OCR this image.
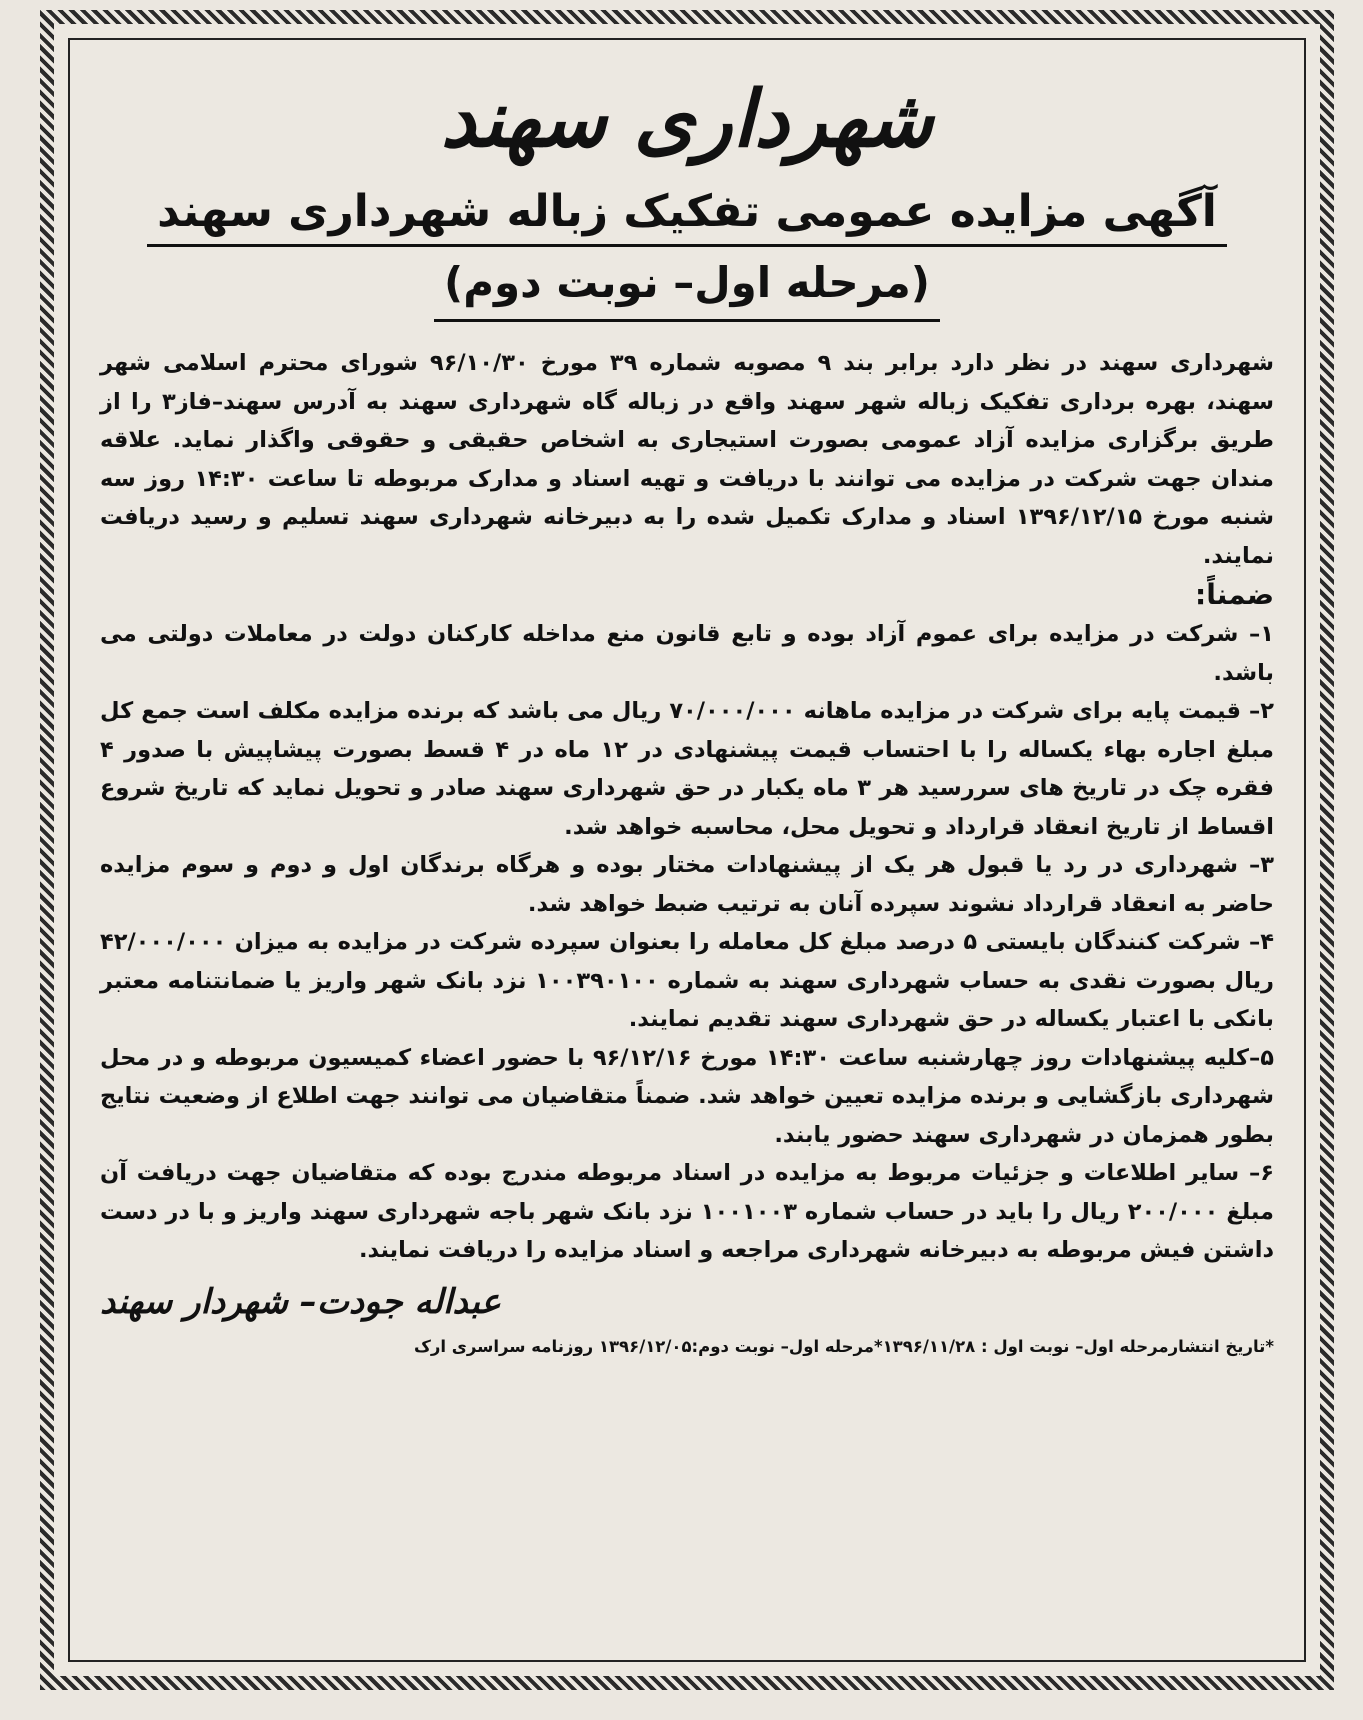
شهرداری سهند
آگهی مزایده عمومی تفکیک زباله شهرداری سهند
(مرحله اول– نوبت دوم)

شهرداری سهند در نظر دارد برابر بند ۹ مصوبه شماره ۳۹ مورخ ۹۶/۱۰/۳۰ شورای محترم اسلامی شهر سهند، بهره برداری تفکیک زباله شهر سهند واقع در زباله گاه شهرداری سهند به آدرس سهند–فاز۳ را از طریق برگزاری مزایده آزاد عمومی بصورت استیجاری به اشخاص حقیقی و حقوقی واگذار نماید. علاقه مندان جهت شرکت در مزایده می توانند با دریافت و تهیه اسناد و مدارک مربوطه تا ساعت ۱۴:۳۰ روز سه شنبه مورخ ۱۳۹۶/۱۲/۱۵ اسناد و مدارک تکمیل شده را به دبیرخانه شهرداری سهند تسلیم و رسید دریافت نمایند.

ضمناً:

۱– شرکت در مزایده برای عموم آزاد بوده و تابع قانون منع مداخله کارکنان دولت در معاملات دولتی می باشد.

۲– قیمت پایه برای شرکت در مزایده ماهانه ۷۰/۰۰۰/۰۰۰ ریال می باشد که برنده مزایده مکلف است جمع کل مبلغ اجاره بهاء یکساله را با احتساب قیمت پیشنهادی در ۱۲ ماه در ۴ قسط بصورت پیشاپیش با صدور ۴ فقره چک در تاریخ های سررسید هر ۳ ماه یکبار در حق شهرداری سهند صادر و تحویل نماید که تاریخ شروع اقساط از تاریخ انعقاد قرارداد و تحویل محل، محاسبه خواهد شد.

۳– شهرداری در رد یا قبول هر یک از پیشنهادات مختار بوده و هرگاه برندگان اول و دوم و سوم مزایده حاضر به انعقاد قرارداد نشوند سپرده آنان به ترتیب ضبط خواهد شد.

۴– شرکت کنندگان بایستی ۵ درصد مبلغ کل معامله را بعنوان سپرده شرکت در مزایده به میزان ۴۲/۰۰۰/۰۰۰ ریال بصورت نقدی به حساب شهرداری سهند به شماره ۱۰۰۳۹۰۱۰۰ نزد بانک شهر واریز یا ضمانتنامه معتبر بانکی با اعتبار یکساله در حق شهرداری سهند تقدیم نمایند.

۵–کلیه پیشنهادات روز چهارشنبه ساعت ۱۴:۳۰ مورخ ۹۶/۱۲/۱۶ با حضور اعضاء کمیسیون مربوطه و در محل شهرداری بازگشایی و برنده مزایده تعیین خواهد شد. ضمناً متقاضیان می توانند جهت اطلاع از وضعیت نتایج بطور همزمان در شهرداری سهند حضور یابند.

۶– سایر اطلاعات و جزئیات مربوط به مزایده در اسناد مربوطه مندرج بوده که متقاضیان جهت دریافت آن مبلغ ۲۰۰/۰۰۰ ریال را باید در حساب شماره ۱۰۰۱۰۰۳ نزد بانک شهر باجه شهرداری سهند واریز و با در دست داشتن فیش مربوطه به دبیرخانه شهرداری مراجعه و اسناد مزایده را دریافت نمایند.

عبداله جودت– شهردار سهند
*تاریخ انتشارمرحله اول– نوبت اول : ۱۳۹۶/۱۱/۲۸*مرحله اول– نوبت دوم:۱۳۹۶/۱۲/۰۵ روزنامه سراسری ارک
